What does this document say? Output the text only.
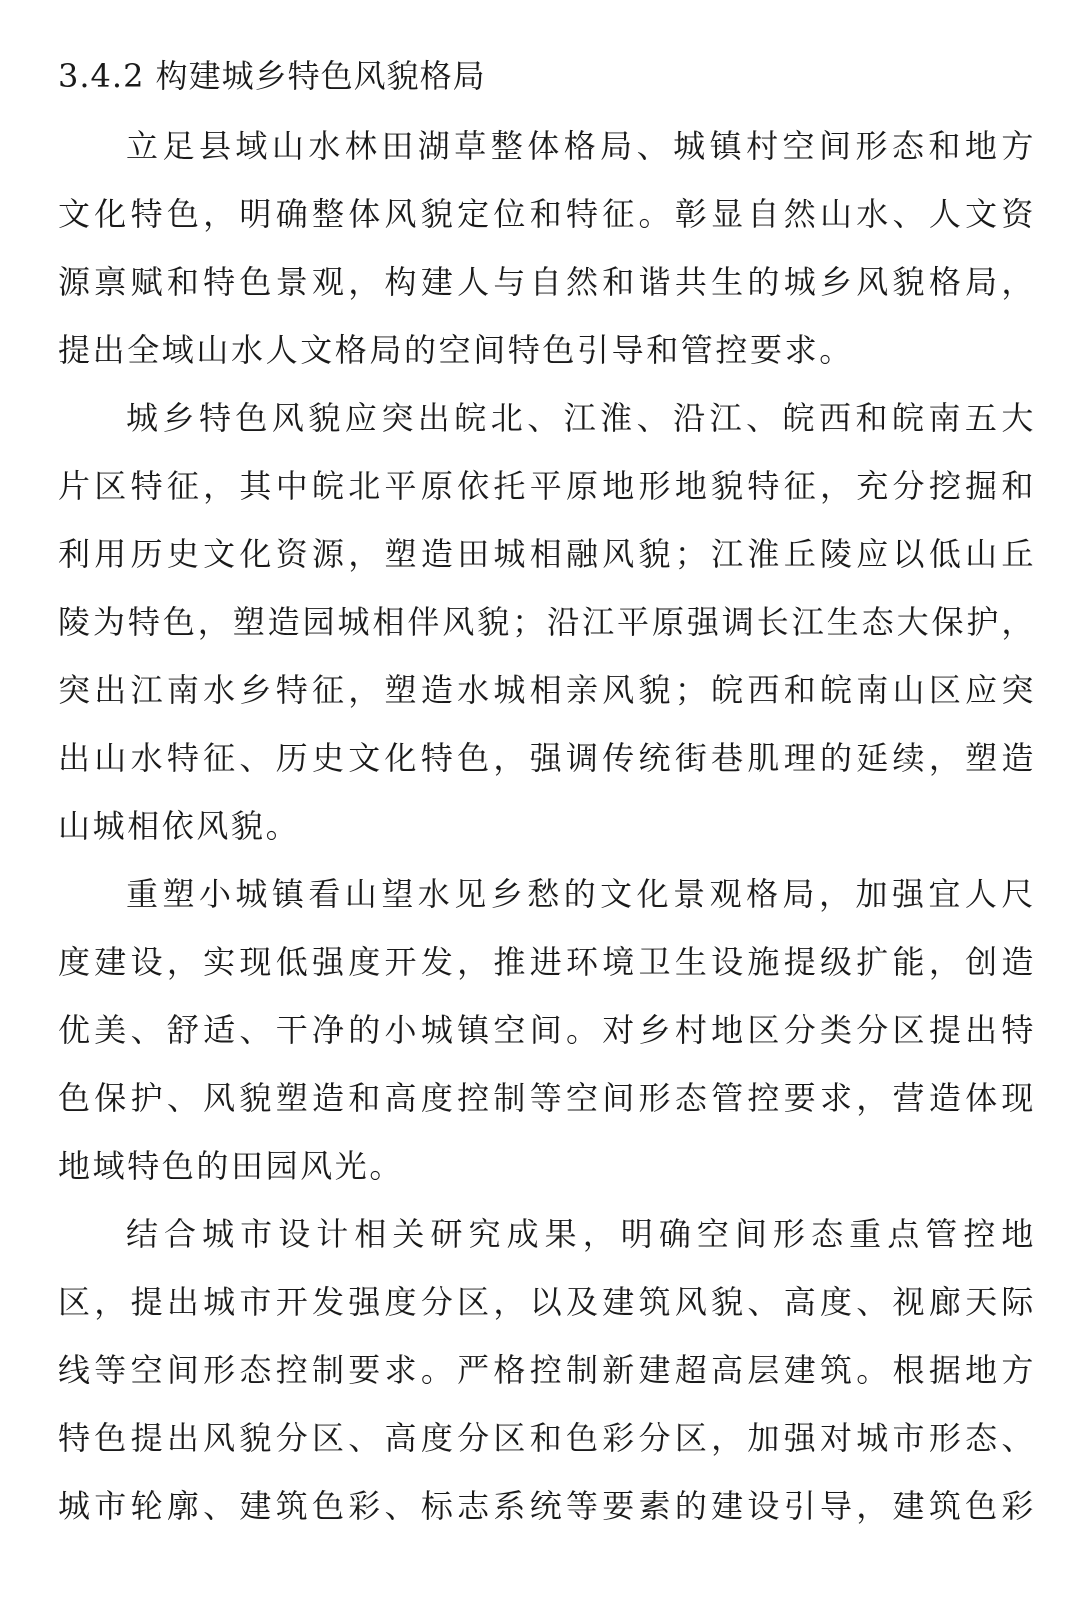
3.4.2 构建城乡特色风貌格局
立足县域山水林田湖草整体格局、城镇村空间形态和地方
文化特色，明确整体风貌定位和特征。彰显自然山水、人文资
源禀赋和特色景观，构建人与自然和谐共生的城乡风貌格局，
提出全域山水人文格局的空间特色引导和管控要求。
城乡特色风貌应突出皖北、江淮、沿江、皖西和皖南五大
片区特征，其中皖北平原依托平原地形地貌特征，充分挖掘和
利用历史文化资源，塑造田城相融风貌；江淮丘陵应以低山丘
陵为特色，塑造园城相伴风貌；沿江平原强调长江生态大保护，
突出江南水乡特征，塑造水城相亲风貌；皖西和皖南山区应突
出山水特征、历史文化特色，强调传统街巷肌理的延续，塑造
山城相依风貌。
重塑小城镇看山望水见乡愁的文化景观格局，加强宜人尺
度建设，实现低强度开发，推进环境卫生设施提级扩能，创造
优美、舒适、干净的小城镇空间。对乡村地区分类分区提出特
色保护、风貌塑造和高度控制等空间形态管控要求，营造体现
地域特色的田园风光。
结合城市设计相关研究成果，明确空间形态重点管控地
区，提出城市开发强度分区，以及建筑风貌、高度、视廊天际
线等空间形态控制要求。严格控制新建超高层建筑。根据地方
特色提出风貌分区、高度分区和色彩分区，加强对城市形态、
城市轮廓、建筑色彩、标志系统等要素的建设引导，建筑色彩
